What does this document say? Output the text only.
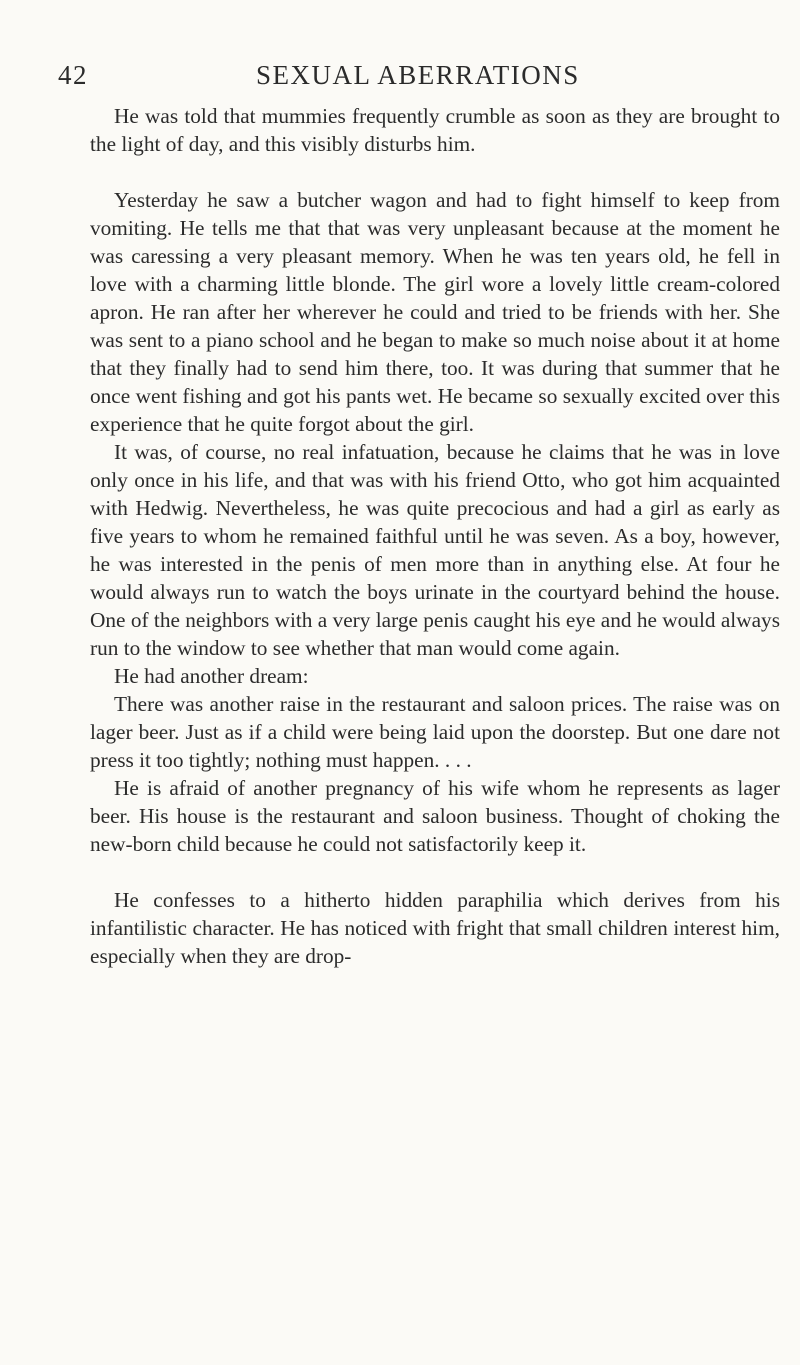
42	SEXUAL ABERRATIONS

He was told that mummies frequently crumble as soon as they are brought to the light of day, and this visibly disturbs him.

Yesterday he saw a butcher wagon and had to fight himself to keep from vomiting. He tells me that that was very unpleasant because at the moment he was caressing a very pleasant memory. When he was ten years old, he fell in love with a charming little blonde. The girl wore a lovely little cream-colored apron. He ran after her wherever he could and tried to be friends with her. She was sent to a piano school and he began to make so much noise about it at home that they finally had to send him there, too. It was during that summer that he once went fishing and got his pants wet. He became so sexually excited over this experience that he quite forgot about the girl.

It was, of course, no real infatuation, because he claims that he was in love only once in his life, and that was with his friend Otto, who got him acquainted with Hedwig. Nevertheless, he was quite precocious and had a girl as early as five years to whom he remained faithful until he was seven. As a boy, however, he was interested in the penis of men more than in anything else. At four he would always run to watch the boys urinate in the courtyard behind the house. One of the neighbors with a very large penis caught his eye and he would always run to the window to see whether that man would come again.

He had another dream:

There was another raise in the restaurant and saloon prices. The raise was on lager beer. Just as if a child were being laid upon the doorstep. But one dare not press it too tightly; nothing must happen. . . .

He is afraid of another pregnancy of his wife whom he represents as lager beer. His house is the restaurant and saloon business. Thought of choking the new-born child because he could not satisfactorily keep it.

He confesses to a hitherto hidden paraphilia which derives from his infantilistic character. He has noticed with fright that small children interest him, especially when they are drop-
